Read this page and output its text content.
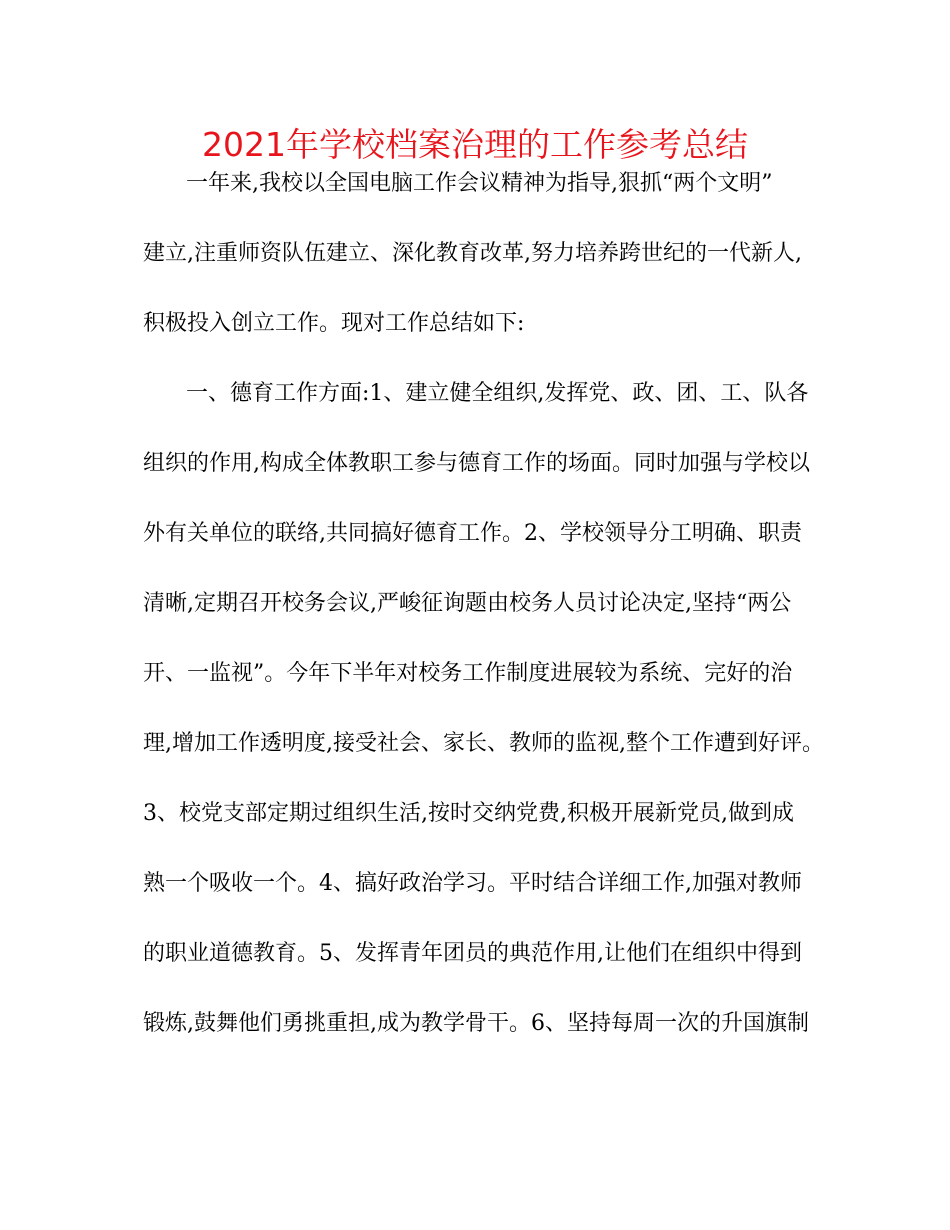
2021年学校档案治理的工作参考总结
一年来,我校以全国电脑工作会议精神为指导,狠抓“两个文明”
建立,注重师资队伍建立、深化教育改革,努力培养跨世纪的一代新人,
积极投入创立工作。现对工作总结如下:
一、德育工作方面:1、建立健全组织,发挥党、政、团、工、队各
组织的作用,构成全体教职工参与德育工作的场面。同时加强与学校以
外有关单位的联络,共同搞好德育工作。2、学校领导分工明确、职责
清晰,定期召开校务会议,严峻征询题由校务人员讨论决定,坚持“两公
开、一监视”。今年下半年对校务工作制度进展较为系统、完好的治
理,增加工作透明度,接受社会、家长、教师的监视,整个工作遭到好评。
3、校党支部定期过组织生活,按时交纳党费,积极开展新党员,做到成
熟一个吸收一个。4、搞好政治学习。平时结合详细工作,加强对教师
的职业道德教育。5、发挥青年团员的典范作用,让他们在组织中得到
锻炼,鼓舞他们勇挑重担,成为教学骨干。6、坚持每周一次的升国旗制
